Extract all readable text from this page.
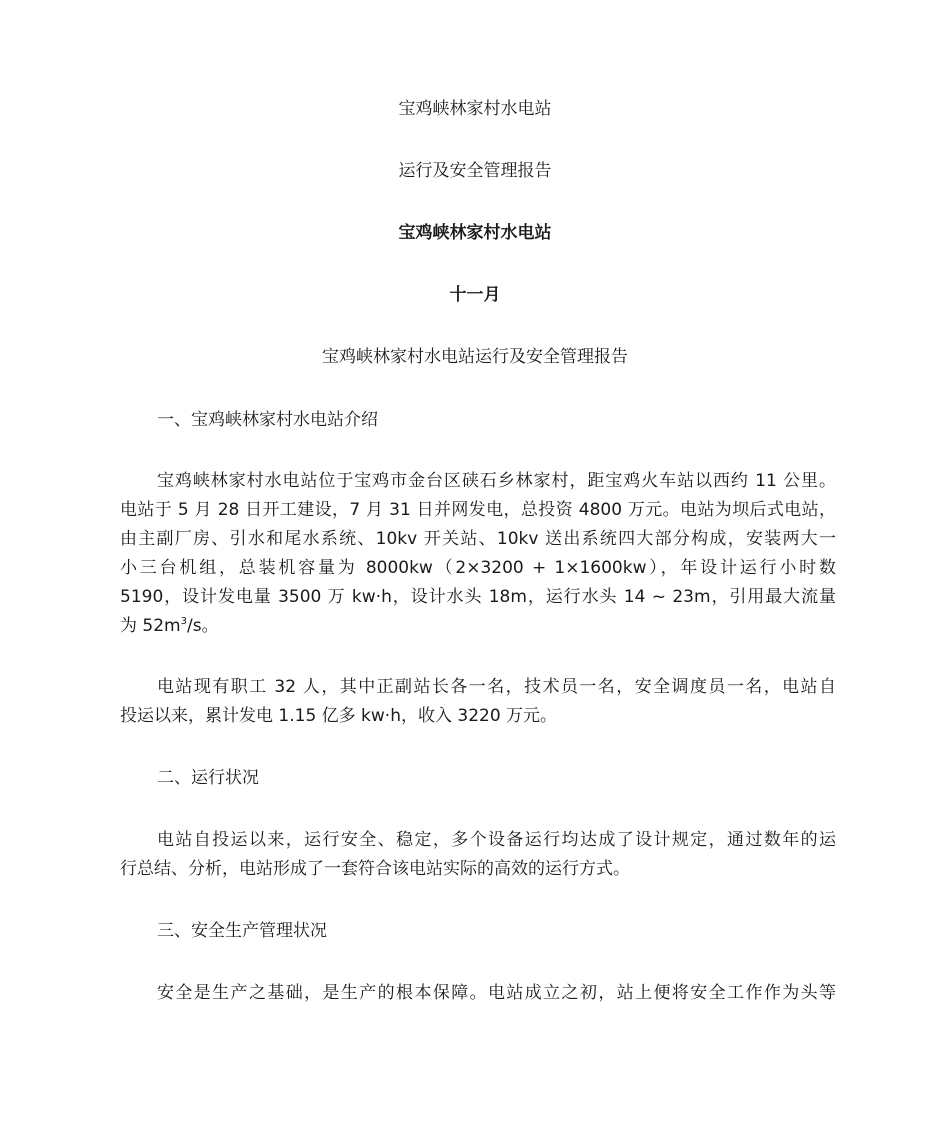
宝鸡峡林家村水电站
运行及安全管理报告
宝鸡峡林家村水电站
十一月
宝鸡峡林家村水电站运行及安全管理报告
一、宝鸡峡林家村水电站介绍
宝鸡峡林家村水电站位于宝鸡市金台区硖石乡林家村，距宝鸡火车站以西约 11 公里。
电站于 5 月 28 日开工建设，7 月 31 日并网发电，总投资 4800 万元。电站为坝后式电站，
由主副厂房、引水和尾水系统、10kv 开关站、10kv 送出系统四大部分构成，安装两大一
小三台机组，总装机容量为 8000kw（2×3200 + 1×1600kw），年设计运行小时数
5190，设计发电量 3500 万 kw·h，设计水头 18m，运行水头 14 ~ 23m，引用最大流量
为 $52m^3/s$。
电站现有职工 32 人，其中正副站长各一名，技术员一名，安全调度员一名，电站自
投运以来，累计发电 1.15 亿多 kw·h，收入 3220 万元。
二、运行状况
电站自投运以来，运行安全、稳定，多个设备运行均达成了设计规定，通过数年的运
行总结、分析，电站形成了一套符合该电站实际的高效的运行方式。
三、安全生产管理状况
安全是生产之基础，是生产的根本保障。电站成立之初，站上便将安全工作作为头等
